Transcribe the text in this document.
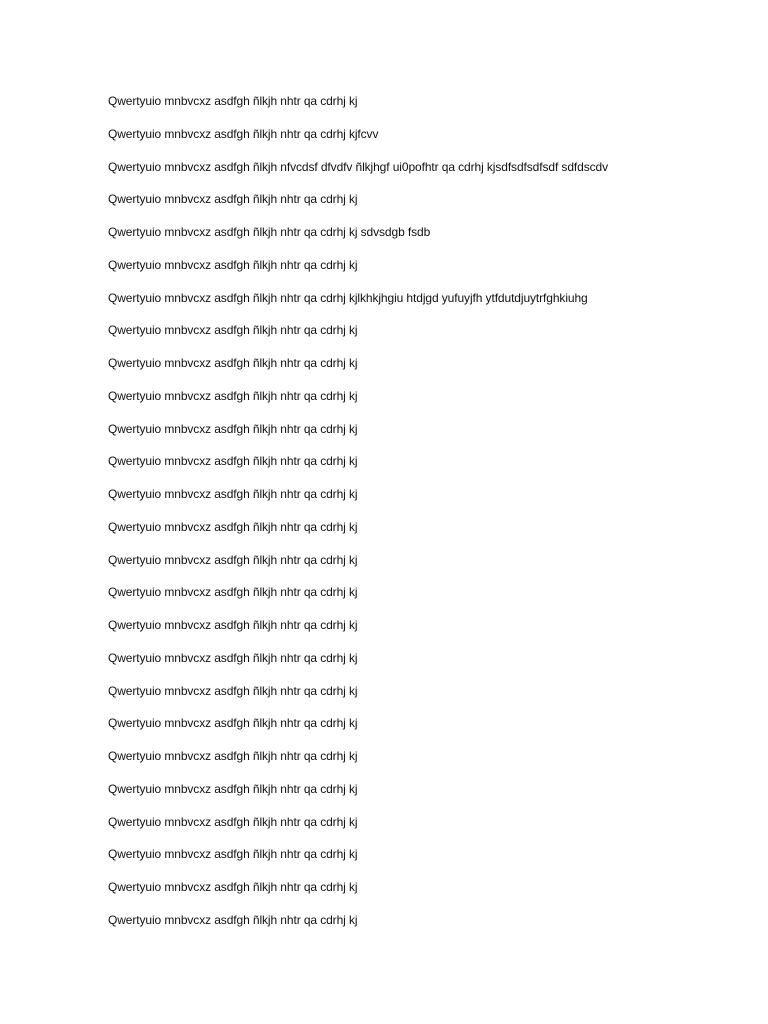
Qwertyuio mnbvcxz asdfgh ñlkjh nhtr qa cdrhj kj
Qwertyuio mnbvcxz asdfgh ñlkjh nhtr qa cdrhj kjfcvv
Qwertyuio mnbvcxz asdfgh ñlkjh nfvcdsf dfvdfv ñlkjhgf ui0pofhtr qa cdrhj kjsdfsdfsdfsdf sdfdscdv
Qwertyuio mnbvcxz asdfgh ñlkjh nhtr qa cdrhj kj
Qwertyuio mnbvcxz asdfgh ñlkjh nhtr qa cdrhj kj sdvsdgb fsdb
Qwertyuio mnbvcxz asdfgh ñlkjh nhtr qa cdrhj kj
Qwertyuio mnbvcxz asdfgh ñlkjh nhtr qa cdrhj kjlkhkjhgiu htdjgd yufuyjfh ytfdutdjuytrfghkiuhg
Qwertyuio mnbvcxz asdfgh ñlkjh nhtr qa cdrhj kj
Qwertyuio mnbvcxz asdfgh ñlkjh nhtr qa cdrhj kj
Qwertyuio mnbvcxz asdfgh ñlkjh nhtr qa cdrhj kj
Qwertyuio mnbvcxz asdfgh ñlkjh nhtr qa cdrhj kj
Qwertyuio mnbvcxz asdfgh ñlkjh nhtr qa cdrhj kj
Qwertyuio mnbvcxz asdfgh ñlkjh nhtr qa cdrhj kj
Qwertyuio mnbvcxz asdfgh ñlkjh nhtr qa cdrhj kj
Qwertyuio mnbvcxz asdfgh ñlkjh nhtr qa cdrhj kj
Qwertyuio mnbvcxz asdfgh ñlkjh nhtr qa cdrhj kj
Qwertyuio mnbvcxz asdfgh ñlkjh nhtr qa cdrhj kj
Qwertyuio mnbvcxz asdfgh ñlkjh nhtr qa cdrhj kj
Qwertyuio mnbvcxz asdfgh ñlkjh nhtr qa cdrhj kj
Qwertyuio mnbvcxz asdfgh ñlkjh nhtr qa cdrhj kj
Qwertyuio mnbvcxz asdfgh ñlkjh nhtr qa cdrhj kj
Qwertyuio mnbvcxz asdfgh ñlkjh nhtr qa cdrhj kj
Qwertyuio mnbvcxz asdfgh ñlkjh nhtr qa cdrhj kj
Qwertyuio mnbvcxz asdfgh ñlkjh nhtr qa cdrhj kj
Qwertyuio mnbvcxz asdfgh ñlkjh nhtr qa cdrhj kj
Qwertyuio mnbvcxz asdfgh ñlkjh nhtr qa cdrhj kj
